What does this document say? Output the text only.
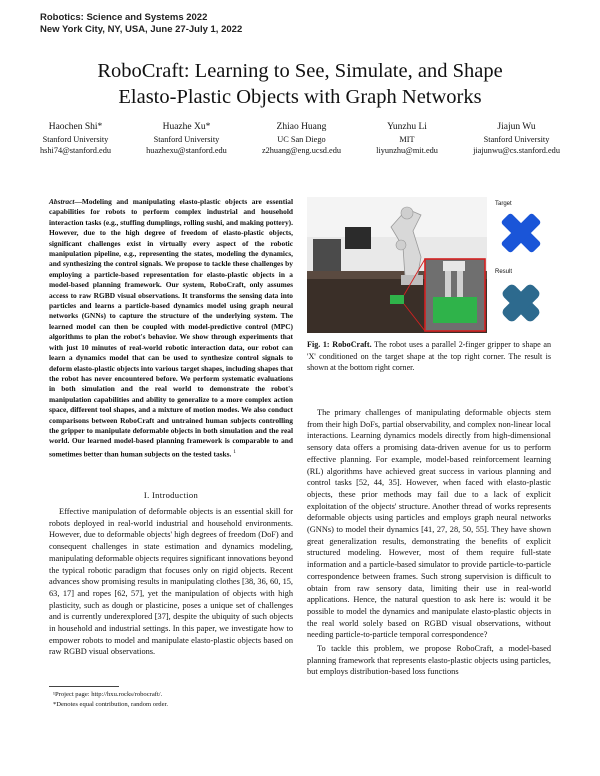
Robotics: Science and Systems 2022
New York City, NY, USA, June 27-July 1, 2022
RoboCraft: Learning to See, Simulate, and Shape
Elasto-Plastic Objects with Graph Networks
Haochen Shi*
Stanford University
hshi74@stanford.edu
Huazhe Xu*
Stanford University
huazhexu@stanford.edu
Zhiao Huang
UC San Diego
z2huang@eng.ucsd.edu
Yunzhu Li
MIT
liyunzhu@mit.edu
Jiajun Wu
Stanford University
jiajunwu@cs.stanford.edu
Abstract—Modeling and manipulating elasto-plastic objects are essential capabilities for robots to perform complex industrial and household interaction tasks (e.g., stuffing dumplings, rolling sushi, and making pottery). However, due to the high degree of freedom of elasto-plastic objects, significant challenges exist in virtually every aspect of the robotic manipulation pipeline, e.g., representing the states, modeling the dynamics, and synthesizing the control signals. We propose to tackle these challenges by employing a particle-based representation for elasto-plastic objects in a model-based planning framework. Our system, RoboCraft, only assumes access to raw RGBD visual observations. It transforms the sensing data into particles and learns a particle-based dynamics model using graph neural networks (GNNs) to capture the structure of the underlying system. The learned model can then be coupled with model-predictive control (MPC) algorithms to plan the robot's behavior. We show through experiments that with just 10 minutes of real-world robotic interaction data, our robot can learn a dynamics model that can be used to synthesize control signals to deform elasto-plastic objects into various target shapes, including shapes that the robot has never encountered before. We perform systematic evaluations in both simulation and the real world to demonstrate the robot's manipulation capabilities and ability to generalize to a more complex action space, different tool shapes, and a mixture of motion modes. We also conduct comparisons between RoboCraft and untrained human subjects controlling the gripper to manipulate deformable objects in both simulation and the real world. Our learned model-based planning framework is comparable to and sometimes better than human subjects on the tested tasks. $^1$
I. Introduction

Effective manipulation of deformable objects is an essential skill for robots deployed in real-world industrial and household environments. However, due to deformable objects' high degrees of freedom (DoF) and consequent challenges in state estimation and dynamics modeling, manipulating deformable objects requires significant innovations beyond the typical robotic paradigm that focuses only on rigid objects. Recent advances show promising results in manipulating clothes [38, 36, 60, 15, 63, 17] and ropes [62, 57], yet the manipulation of objects with high plasticity, such as dough or plasticine, poses a unique set of challenges and is currently underexplored [37], despite the ubiquity of such objects in household and industrial settings. In this paper, we investigate how to empower robots to model and manipulate elasto-plastic objects based on raw RGBD visual observations.

¹Project page: http://hxu.rocks/robocraft/.
*Denotes equal contribution, random order.
Target
Result
Fig. 1: RoboCraft. The robot uses a parallel 2-finger gripper to shape an 'X' conditioned on the target shape at the top right corner. The result is shown at the bottom right corner.

The primary challenges of manipulating deformable objects stem from their high DoFs, partial observability, and complex non-linear local interactions. Learning dynamics models directly from high-dimensional sensory data offers a promising data-driven avenue for us to perform effective planning. For example, model-based reinforcement learning (RL) algorithms have achieved great success in various planning and control tasks [52, 44, 35]. However, when faced with elasto-plastic objects, these prior methods may fail due to a lack of explicit exploitation of the objects' structure. Another thread of works represents deformable objects using particles and employs graph neural networks (GNNs) to model their dynamics [41, 27, 28, 50, 55]. They have shown great generalization results, demonstrating the benefits of explicit structured modeling. However, most of them require full-state information and a particle-based simulator to provide particle-to-particle correspondence between frames. Such strong supervision is difficult to obtain from raw sensory data, limiting their use in real-world applications. Hence, the natural question to ask here is: would it be possible to model the dynamics and manipulate elasto-plastic objects in the real world solely based on RGBD visual observations, without needing particle-to-particle temporal correspondence?

To tackle this problem, we propose RoboCraft, a model-based planning framework that represents elasto-plastic objects using particles, but employs distribution-based loss functions
